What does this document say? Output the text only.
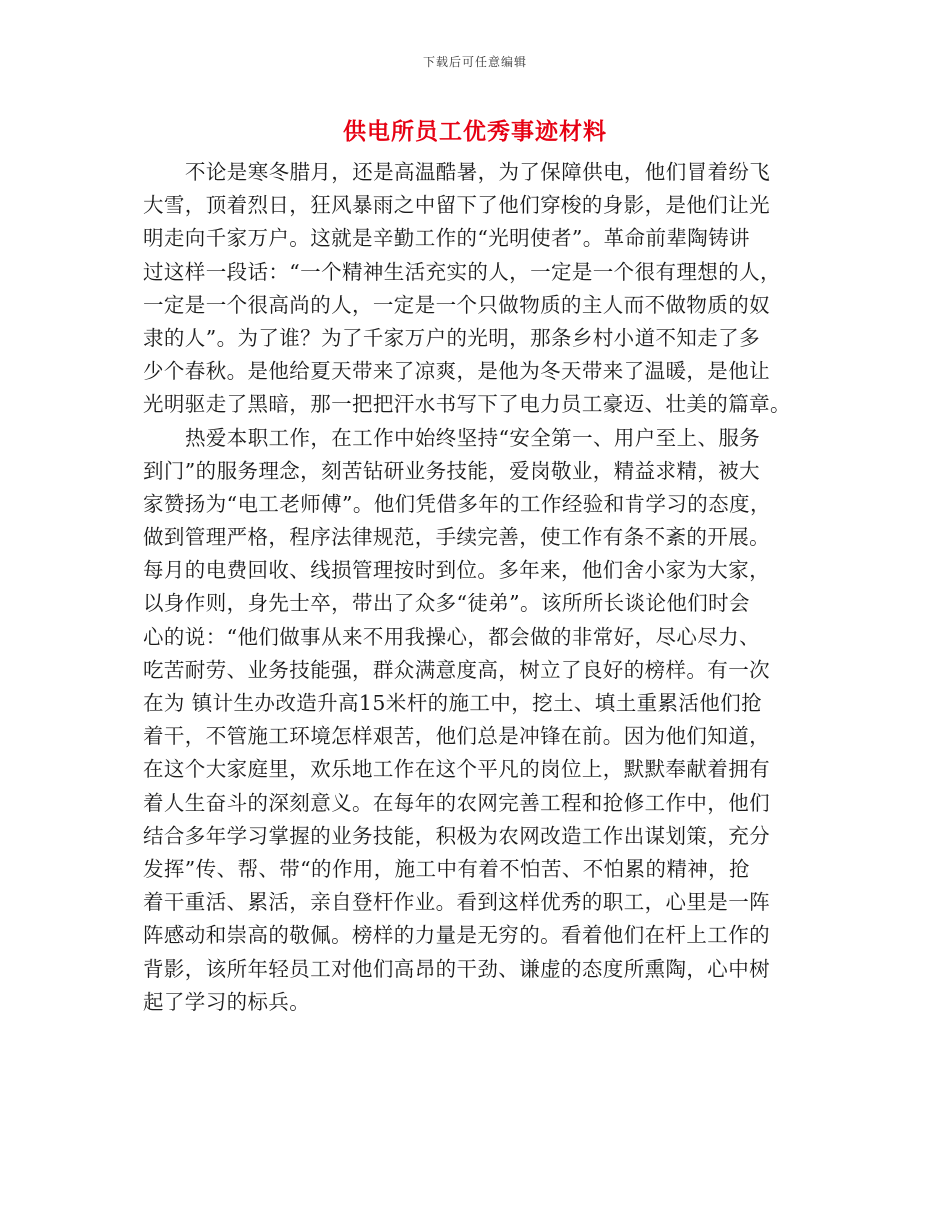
下载后可任意编辑
供电所员工优秀事迹材料
不论是寒冬腊月，还是高温酷暑，为了保障供电，他们冒着纷飞
大雪，顶着烈日，狂风暴雨之中留下了他们穿梭的身影，是他们让光
明走向千家万户。这就是辛勤工作的“光明使者”。革命前辈陶铸讲
过这样一段话：“一个精神生活充实的人，一定是一个很有理想的人，
一定是一个很高尚的人，一定是一个只做物质的主人而不做物质的奴
隶的人”。为了谁？为了千家万户的光明，那条乡村小道不知走了多
少个春秋。是他给夏天带来了凉爽，是他为冬天带来了温暖，是他让
光明驱走了黑暗，那一把把汗水书写下了电力员工豪迈、壮美的篇章。
热爱本职工作，在工作中始终坚持“安全第一、用户至上、服务
到门”的服务理念，刻苦钻研业务技能，爱岗敬业，精益求精，被大
家赞扬为“电工老师傅”。他们凭借多年的工作经验和肯学习的态度，
做到管理严格，程序法律规范，手续完善，使工作有条不紊的开展。
每月的电费回收、线损管理按时到位。多年来，他们舍小家为大家，
以身作则，身先士卒，带出了众多“徒弟”。该所所长谈论他们时会
心的说：“他们做事从来不用我操心，都会做的非常好，尽心尽力、
吃苦耐劳、业务技能强，群众满意度高，树立了良好的榜样。有一次
在为 镇计生办改造升高15米杆的施工中，挖土、填土重累活他们抢
着干，不管施工环境怎样艰苦，他们总是冲锋在前。因为他们知道，
在这个大家庭里，欢乐地工作在这个平凡的岗位上，默默奉献着拥有
着人生奋斗的深刻意义。在每年的农网完善工程和抢修工作中，他们
结合多年学习掌握的业务技能，积极为农网改造工作出谋划策，充分
发挥”传、帮、带“的作用，施工中有着不怕苦、不怕累的精神，抢
着干重活、累活，亲自登杆作业。看到这样优秀的职工，心里是一阵
阵感动和崇高的敬佩。榜样的力量是无穷的。看着他们在杆上工作的
背影，该所年轻员工对他们高昂的干劲、谦虚的态度所熏陶，心中树
起了学习的标兵。
